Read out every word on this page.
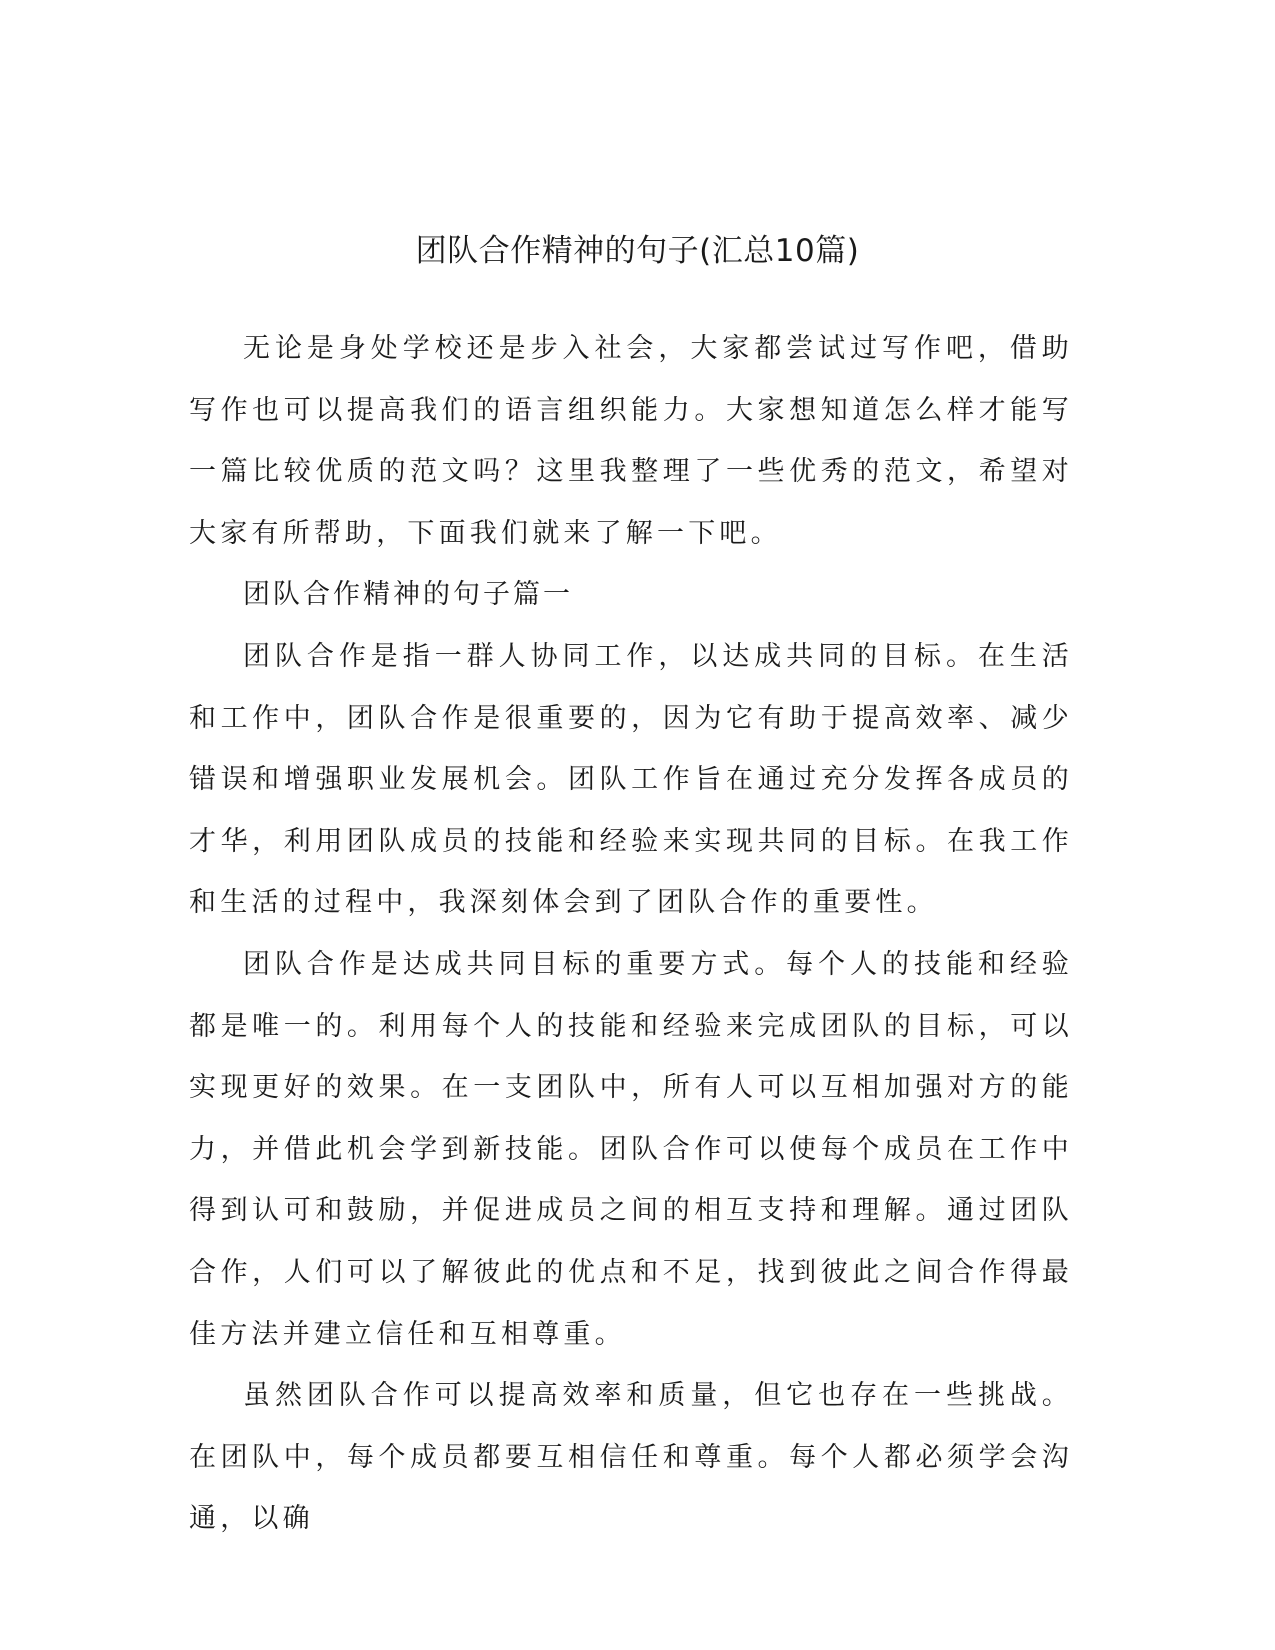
团队合作精神的句子(汇总10篇)

无论是身处学校还是步入社会，大家都尝试过写作吧，借助写作也可以提高我们的语言组织能力。大家想知道怎么样才能写一篇比较优质的范文吗？这里我整理了一些优秀的范文，希望对大家有所帮助，下面我们就来了解一下吧。

团队合作精神的句子篇一

团队合作是指一群人协同工作，以达成共同的目标。在生活和工作中，团队合作是很重要的，因为它有助于提高效率、减少错误和增强职业发展机会。团队工作旨在通过充分发挥各成员的才华，利用团队成员的技能和经验来实现共同的目标。在我工作和生活的过程中，我深刻体会到了团队合作的重要性。

团队合作是达成共同目标的重要方式。每个人的技能和经验都是唯一的。利用每个人的技能和经验来完成团队的目标，可以实现更好的效果。在一支团队中，所有人可以互相加强对方的能力，并借此机会学到新技能。团队合作可以使每个成员在工作中得到认可和鼓励，并促进成员之间的相互支持和理解。通过团队合作，人们可以了解彼此的优点和不足，找到彼此之间合作得最佳方法并建立信任和互相尊重。

虽然团队合作可以提高效率和质量，但它也存在一些挑战。在团队中，每个成员都要互相信任和尊重。每个人都必须学会沟通，以确
